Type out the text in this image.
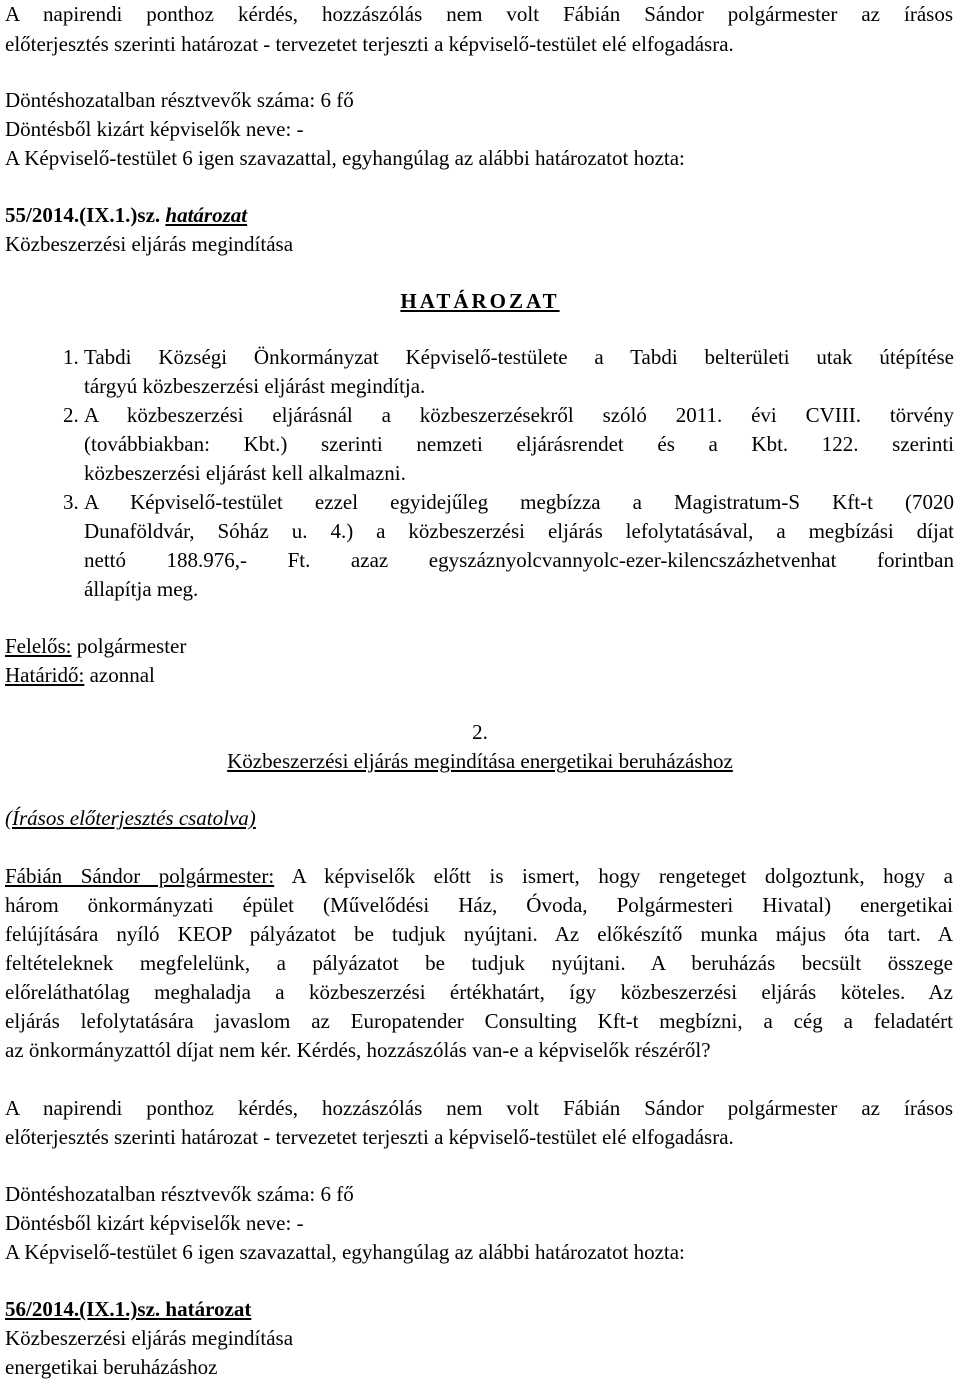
A napirendi ponthoz kérdés, hozzászólás nem volt Fábián Sándor polgármester az írásos
előterjesztés szerinti határozat - tervezetet terjeszti a képviselő-testület elé elfogadásra.
Döntéshozatalban résztvevők száma: 6 fő
Döntésből kizárt képviselők neve: -
A Képviselő-testület 6 igen szavazattal, egyhangúlag az alábbi határozatot hozta:
55/2014.(IX.1.)sz. határozat
Közbeszerzési eljárás megindítása
HATÁROZAT
1. Tabdi Községi Önkormányzat Képviselő-testülete a Tabdi belterületi utak útépítése
tárgyú közbeszerzési eljárást megindítja.
2. A közbeszerzési eljárásnál a közbeszerzésekről szóló 2011. évi CVIII. törvény
(továbbiakban: Kbt.) szerinti nemzeti eljárásrendet és a Kbt. 122. szerinti
közbeszerzési eljárást kell alkalmazni.
3. A Képviselő-testület ezzel egyidejűleg megbízza a Magistratum-S Kft-t (7020
Dunaföldvár, Sóház u. 4.) a közbeszerzési eljárás lefolytatásával, a megbízási díjat
nettó 188.976,- Ft. azaz egyszáznyolcvannyolc-ezer-kilencszázhetvenhat forintban
állapítja meg.
Felelős: polgármester
Határidő: azonnal
2.
Közbeszerzési eljárás megindítása energetikai beruházáshoz
(Írásos előterjesztés csatolva)
Fábián Sándor polgármester: A képviselők előtt is ismert, hogy rengeteget dolgoztunk, hogy a
három önkormányzati épület (Művelődési Ház, Óvoda, Polgármesteri Hivatal) energetikai
felújítására nyíló KEOP pályázatot be tudjuk nyújtani. Az előkészítő munka május óta tart. A
feltételeknek megfelelünk, a pályázatot be tudjuk nyújtani. A beruházás becsült összege
előreláthatólag meghaladja a közbeszerzési értékhatárt, így közbeszerzési eljárás köteles. Az
eljárás lefolytatására javaslom az Europatender Consulting Kft-t megbízni, a cég a feladatért
az önkormányzattól díjat nem kér. Kérdés, hozzászólás van-e a képviselők részéről?
A napirendi ponthoz kérdés, hozzászólás nem volt Fábián Sándor polgármester az írásos
előterjesztés szerinti határozat - tervezetet terjeszti a képviselő-testület elé elfogadásra.
Döntéshozatalban résztvevők száma: 6 fő
Döntésből kizárt képviselők neve: -
A Képviselő-testület 6 igen szavazattal, egyhangúlag az alábbi határozatot hozta:
56/2014.(IX.1.)sz. határozat
Közbeszerzési eljárás megindítása
energetikai beruházáshoz
